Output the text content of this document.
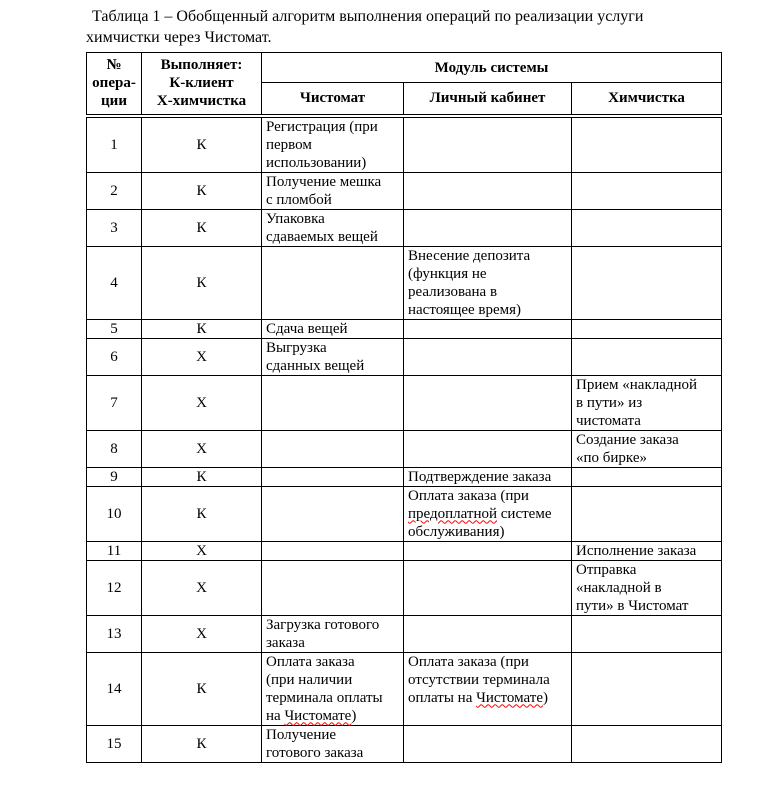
Таблица 1 – Обобщенный алгоритм выполнения операций по реализации услуги химчистки через Чистомат.

№
опера-
ции	Выполняет:
К-клиент
Х-химчистка	Модуль системы		
		Чистомат	Личный кабинет	Химчистка
1	К	Регистрация (при
первом
использовании)		
2	К	Получение мешка
с пломбой		
3	К	Упаковка
сдаваемых вещей		
4	К		Внесение депозита
(функция не
реализована в
настоящее время)	
5	К	Сдача вещей		
6	Х	Выгрузка
сданных вещей		
7	Х			Прием «накладной
в пути» из
чистомата
8	Х			Создание заказа
«по бирке»
9	К		Подтверждение заказа	
10	К		Оплата заказа (при
предоплатной системе
обслуживания)	
11	Х			Исполнение заказа
12	Х			Отправка
«накладной в
пути» в Чистомат
13	Х	Загрузка готового
заказа		
14	К	Оплата заказа
(при наличии
терминала оплаты
на Чистомате)	Оплата заказа (при
отсутствии терминала
оплаты на Чистомате)	
15	К	Получение
готового заказа		
